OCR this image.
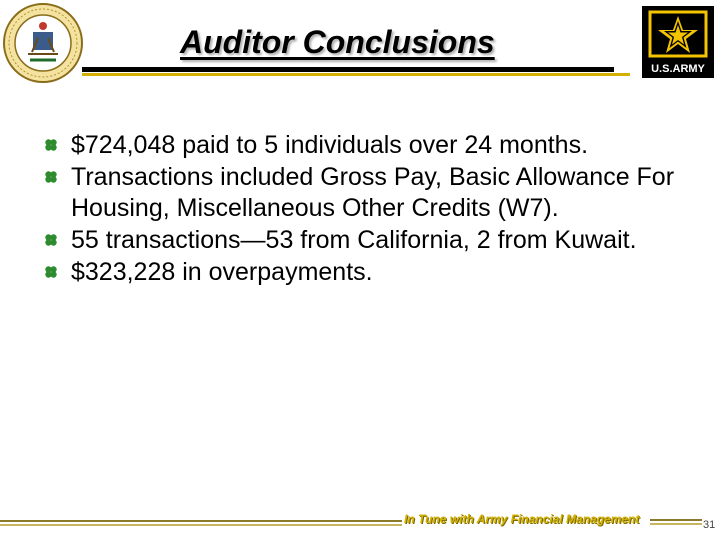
Auditor Conclusions
U.S.ARMY
$724,048 paid to 5 individuals over 24 months.
Transactions included Gross Pay, Basic Allowance For Housing, Miscellaneous Other Credits (W7).
55 transactions—53 from California, 2 from Kuwait.
$323,228 in overpayments.
In Tune with Army Financial Management	31
